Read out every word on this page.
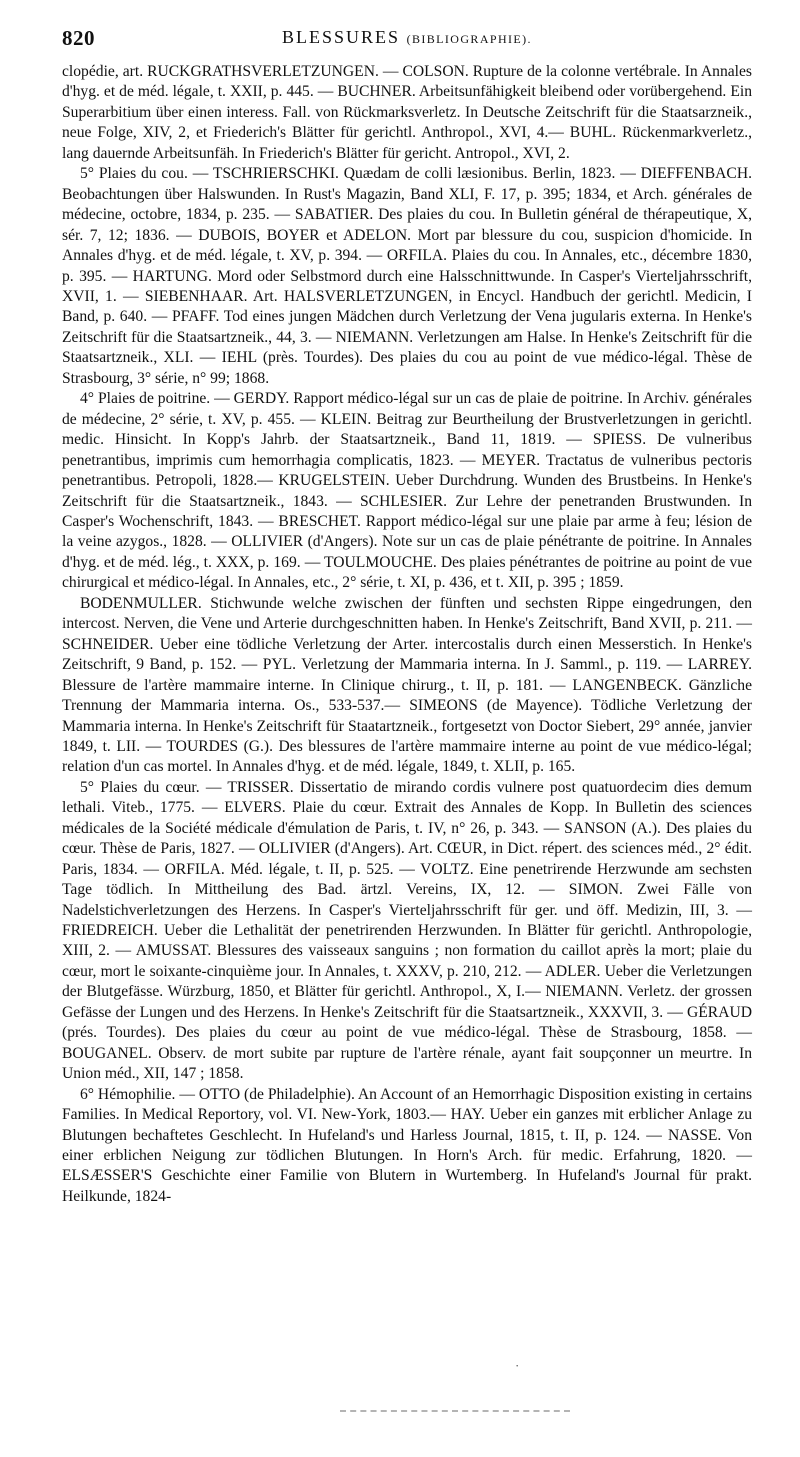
820	BLESSURES (BIBLIOGRAPHIE).

clopédie, art. RUCKGRATHSVERLETZUNGEN. — COLSON. Rupture de la colonne vertébrale. In Annales d'hyg. et de méd. légale, t. XXII, p. 445. — BUCHNER. Arbeitsunfähigkeit bleibend oder vorübergehend. Ein Superarbitium über einen interess. Fall. von Rückmarksverletz. In Deutsche Zeitschrift für die Staatsarzneik., neue Folge, XIV, 2, et Friederich's Blätter für gerichtl. Anthropol., XVI, 4.— BUHL. Rückenmarkverletz., lang dauernde Arbeitsunfäh. In Friederich's Blätter für gericht. Antropol., XVI, 2.

5° Plaies du cou. — TSCHRIERSCHKI. Quædam de colli læsionibus. Berlin, 1823. — DIEFFENBACH. Beobachtungen über Halswunden. In Rust's Magazin, Band XLI, F. 17, p. 395; 1834, et Arch. générales de médecine, octobre, 1834, p. 235. — SABATIER. Des plaies du cou. In Bulletin général de thérapeutique, X, sér. 7, 12; 1836. — DUBOIS, BOYER et ADELON. Mort par blessure du cou, suspicion d'homicide. In Annales d'hyg. et de méd. légale, t. XV, p. 394. — ORFILA. Plaies du cou. In Annales, etc., décembre 1830, p. 395. — HARTUNG. Mord oder Selbstmord durch eine Halsschnittwunde. In Casper's Vierteljahrsschrift, XVII, 1. — SIEBENHAAR. Art. HALSVERLETZUNGEN, in Encycl. Handbuch der gerichtl. Medicin, I Band, p. 640. — PFAFF. Tod eines jungen Mädchen durch Verletzung der Vena jugularis externa. In Henke's Zeitschrift für die Staatsartzneik., 44, 3. — NIEMANN. Verletzungen am Halse. In Henke's Zeitschrift für die Staatsartzneik., XLI. — IEHL (près. Tourdes). Des plaies du cou au point de vue médico-légal. Thèse de Strasbourg, 3° série, n° 99; 1868.

4° Plaies de poitrine. — GERDY. Rapport médico-légal sur un cas de plaie de poitrine. In Archiv. générales de médecine, 2° série, t. XV, p. 455. — KLEIN. Beitrag zur Beurtheilung der Brustverletzungen in gerichtl. medic. Hinsicht. In Kopp's Jahrb. der Staatsartzneik., Band 11, 1819. — SPIESS. De vulneribus penetrantibus, imprimis cum hemorrhagia complicatis, 1823. — MEYER. Tractatus de vulneribus pectoris penetrantibus. Petropoli, 1828.— KRUGELSTEIN. Ueber Durchdrung. Wunden des Brustbeins. In Henke's Zeitschrift für die Staatsartzneik., 1843. — SCHLESIER. Zur Lehre der penetranden Brustwunden. In Casper's Wochenschrift, 1843. — BRESCHET. Rapport médico-légal sur une plaie par arme à feu; lésion de la veine azygos., 1828. — OLLIVIER (d'Angers). Note sur un cas de plaie pénétrante de poitrine. In Annales d'hyg. et de méd. lég., t. XXX, p. 169. — TOULMOUCHE. Des plaies pénétrantes de poitrine au point de vue chirurgical et médico-légal. In Annales, etc., 2° série, t. XI, p. 436, et t. XII, p. 395 ; 1859.

BODENMULLER. Stichwunde welche zwischen der fünften und sechsten Rippe eingedrungen, den intercost. Nerven, die Vene und Arterie durchgeschnitten haben. In Henke's Zeitschrift, Band XVII, p. 211. — SCHNEIDER. Ueber eine tödliche Verletzung der Arter. intercostalis durch einen Messerstich. In Henke's Zeitschrift, 9 Band, p. 152. — PYL. Verletzung der Mammaria interna. In J. Samml., p. 119. — LARREY. Blessure de l'artère mammaire interne. In Clinique chirurg., t. II, p. 181. — LANGENBECK. Gänzliche Trennung der Mammaria interna. Os., 533-537.— SIMEONS (de Mayence). Tödliche Verletzung der Mammaria interna. In Henke's Zeitschrift für Staatartzneik., fortgesetzt von Doctor Siebert, 29° année, janvier 1849, t. LII. — TOURDES (G.). Des blessures de l'artère mammaire interne au point de vue médico-légal; relation d'un cas mortel. In Annales d'hyg. et de méd. légale, 1849, t. XLII, p. 165.

5° Plaies du cœur. — TRISSER. Dissertatio de mirando cordis vulnere post quatuordecim dies demum lethali. Viteb., 1775. — ELVERS. Plaie du cœur. Extrait des Annales de Kopp. In Bulletin des sciences médicales de la Société médicale d'émulation de Paris, t. IV, n° 26, p. 343. — SANSON (A.). Des plaies du cœur. Thèse de Paris, 1827. — OLLIVIER (d'Angers). Art. CŒUR, in Dict. répert. des sciences méd., 2° édit. Paris, 1834. — ORFILA. Méd. légale, t. II, p. 525. — VOLTZ. Eine penetrirende Herzwunde am sechsten Tage tödlich. In Mittheilung des Bad. ärtzl. Vereins, IX, 12. — SIMON. Zwei Fälle von Nadelstichverletzungen des Herzens. In Casper's Vierteljahrsschrift für ger. und öff. Medizin, III, 3. — FRIEDREICH. Ueber die Lethalität der penetrirenden Herzwunden. In Blätter für gerichtl. Anthropologie, XIII, 2. — AMUSSAT. Blessures des vaisseaux sanguins ; non formation du caillot après la mort; plaie du cœur, mort le soixante-cinquième jour. In Annales, t. XXXV, p. 210, 212. — ADLER. Ueber die Verletzungen der Blutgefässe. Würzburg, 1850, et Blätter für gerichtl. Anthropol., X, I.— NIEMANN. Verletz. der grossen Gefässe der Lungen und des Herzens. In Henke's Zeitschrift für die Staatsartzneik., XXXVII, 3. — GÉRAUD (prés. Tourdes). Des plaies du cœur au point de vue médico-légal. Thèse de Strasbourg, 1858. — BOUGANEL. Observ. de mort subite par rupture de l'artère rénale, ayant fait soupçonner un meurtre. In Union méd., XII, 147 ; 1858.

6° Hémophilie. — OTTO (de Philadelphie). An Account of an Hemorrhagic Disposition existing in certains Families. In Medical Reportory, vol. VI. New-York, 1803.— HAY. Ueber ein ganzes mit erblicher Anlage zu Blutungen bechaftetes Geschlecht. In Hufeland's und Harless Journal, 1815, t. II, p. 124. — NASSE. Von einer erblichen Neigung zur tödlichen Blutungen. In Horn's Arch. für medic. Erfahrung, 1820. — ELSÆSSER'S Geschichte einer Familie von Blutern in Wurtemberg. In Hufeland's Journal für prakt. Heilkunde, 1824-

·
